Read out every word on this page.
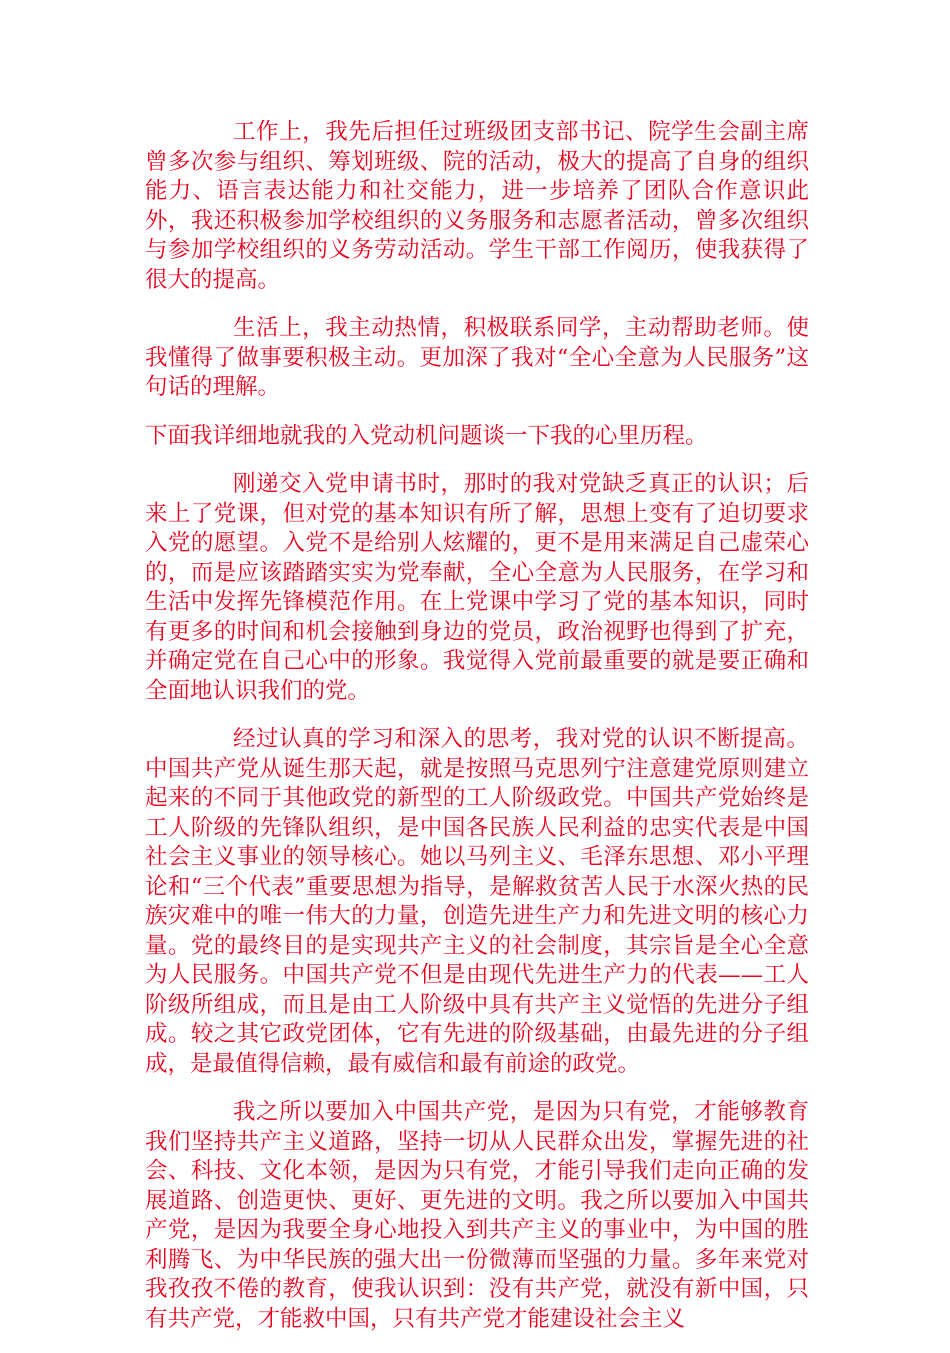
工作上，我先后担任过班级团支部书记、院学生会副主席曾多次参与组织、筹划班级、院的活动，极大的提高了自身的组织能力、语言表达能力和社交能力，进一步培养了团队合作意识此外，我还积极参加学校组织的义务服务和志愿者活动，曾多次组织与参加学校组织的义务劳动活动。学生干部工作阅历，使我获得了很大的提高。

生活上，我主动热情，积极联系同学，主动帮助老师。使我懂得了做事要积极主动。更加深了我对“全心全意为人民服务”这句话的理解。

下面我详细地就我的入党动机问题谈一下我的心里历程。

刚递交入党申请书时，那时的我对党缺乏真正的认识；后来上了党课，但对党的基本知识有所了解，思想上变有了迫切要求入党的愿望。入党不是给别人炫耀的，更不是用来满足自己虚荣心的，而是应该踏踏实实为党奉献，全心全意为人民服务，在学习和生活中发挥先锋模范作用。在上党课中学习了党的基本知识，同时有更多的时间和机会接触到身边的党员，政治视野也得到了扩充，并确定党在自己心中的形象。我觉得入党前最重要的就是要正确和全面地认识我们的党。

经过认真的学习和深入的思考，我对党的认识不断提高。中国共产党从诞生那天起，就是按照马克思列宁注意建党原则建立起来的不同于其他政党的新型的工人阶级政党。中国共产党始终是工人阶级的先锋队组织，是中国各民族人民利益的忠实代表是中国社会主义事业的领导核心。她以马列主义、毛泽东思想、邓小平理论和“三个代表”重要思想为指导，是解救贫苦人民于水深火热的民族灾难中的唯一伟大的力量，创造先进生产力和先进文明的核心力量。党的最终目的是实现共产主义的社会制度，其宗旨是全心全意为人民服务。中国共产党不但是由现代先进生产力的代表——工人阶级所组成，而且是由工人阶级中具有共产主义觉悟的先进分子组成。较之其它政党团体，它有先进的阶级基础，由最先进的分子组成，是最值得信赖，最有威信和最有前途的政党。

我之所以要加入中国共产党，是因为只有党，才能够教育我们坚持共产主义道路，坚持一切从人民群众出发，掌握先进的社会、科技、文化本领，是因为只有党，才能引导我们走向正确的发展道路、创造更快、更好、更先进的文明。我之所以要加入中国共产党，是因为我要全身心地投入到共产主义的事业中，为中国的胜利腾飞、为中华民族的强大出一份微薄而坚强的力量。多年来党对我孜孜不倦的教育，使我认识到：没有共产党，就没有新中国，只有共产党，才能救中国，只有共产党才能建设社会主义
